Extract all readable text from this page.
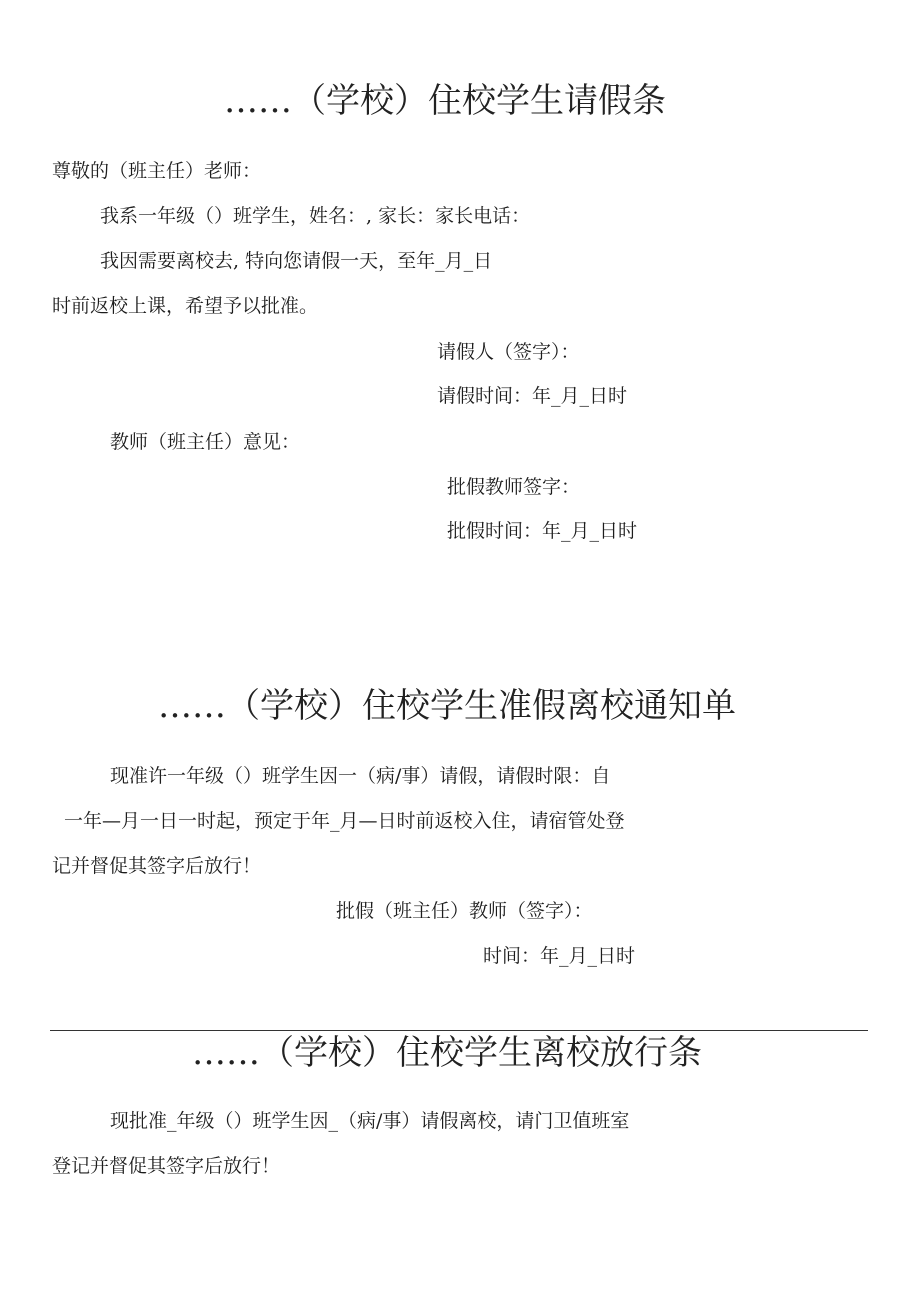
……（学校）住校学生请假条
尊敬的（班主任）老师：
我系一年级（）班学生，姓名：, 家长：家长电话：
我因需要离校去, 特向您请假一天，至年_月_日
时前返校上课，希望予以批准。
请假人（签字）：
请假时间：年_月_日时
教师（班主任）意见：
批假教师签字：
批假时间：年_月_日时
……（学校）住校学生准假离校通知单
现准许一年级（）班学生因一（病/事）请假，请假时限：自
一年—月一日一时起，预定于年_月—日时前返校入住，请宿管处登
记并督促其签字后放行！
批假（班主任）教师（签字）：
时间：年_月_日时
……（学校）住校学生离校放行条
现批准_年级（）班学生因_（病/事）请假离校，请门卫值班室
登记并督促其签字后放行！
